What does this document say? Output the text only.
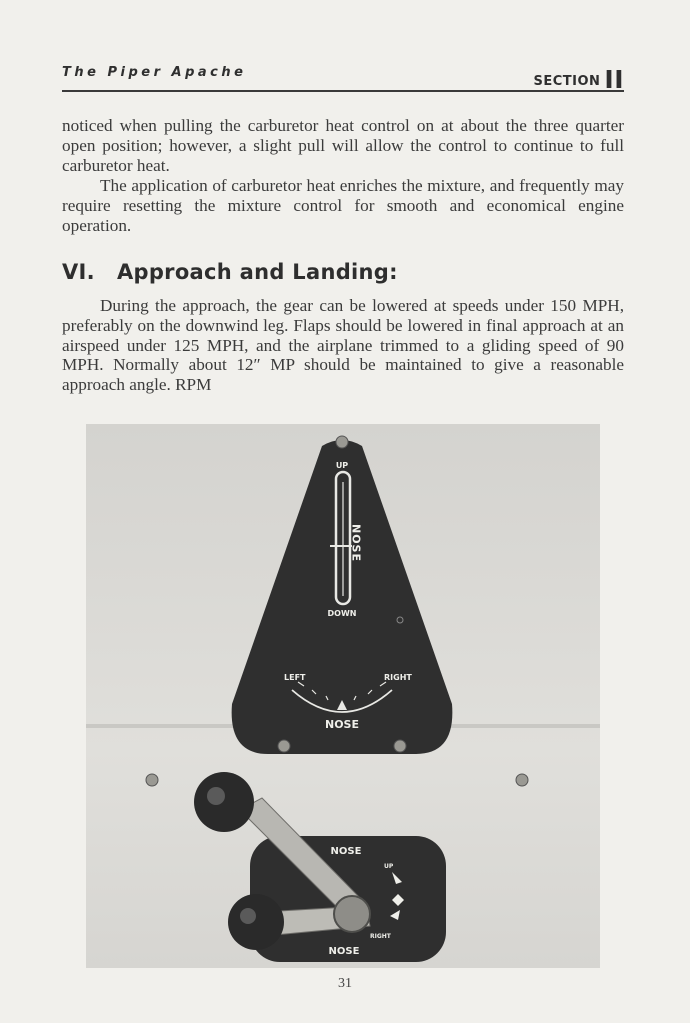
The Piper Apache
SECTION II

noticed when pulling the carburetor heat control on at about the three quarter open position; however, a slight pull will allow the control to continue to full carburetor heat.

The application of carburetor heat enriches the mixture, and frequently may require resetting the mixture control for smooth and economical engine operation.

VI. Approach and Landing:

During the approach, the gear can be lowered at speeds under 150 MPH, preferably on the downwind leg. Flaps should be lowered in final approach at an airspeed under 125 MPH, and the airplane trimmed to a gliding speed of 90 MPH. Normally about 12″ MP should be maintained to give a reasonable approach angle. RPM

UP
NOSE
DOWN
LEFT	RIGHT
NOSE
NOSE
UP
RIGHT
NOSE
31
